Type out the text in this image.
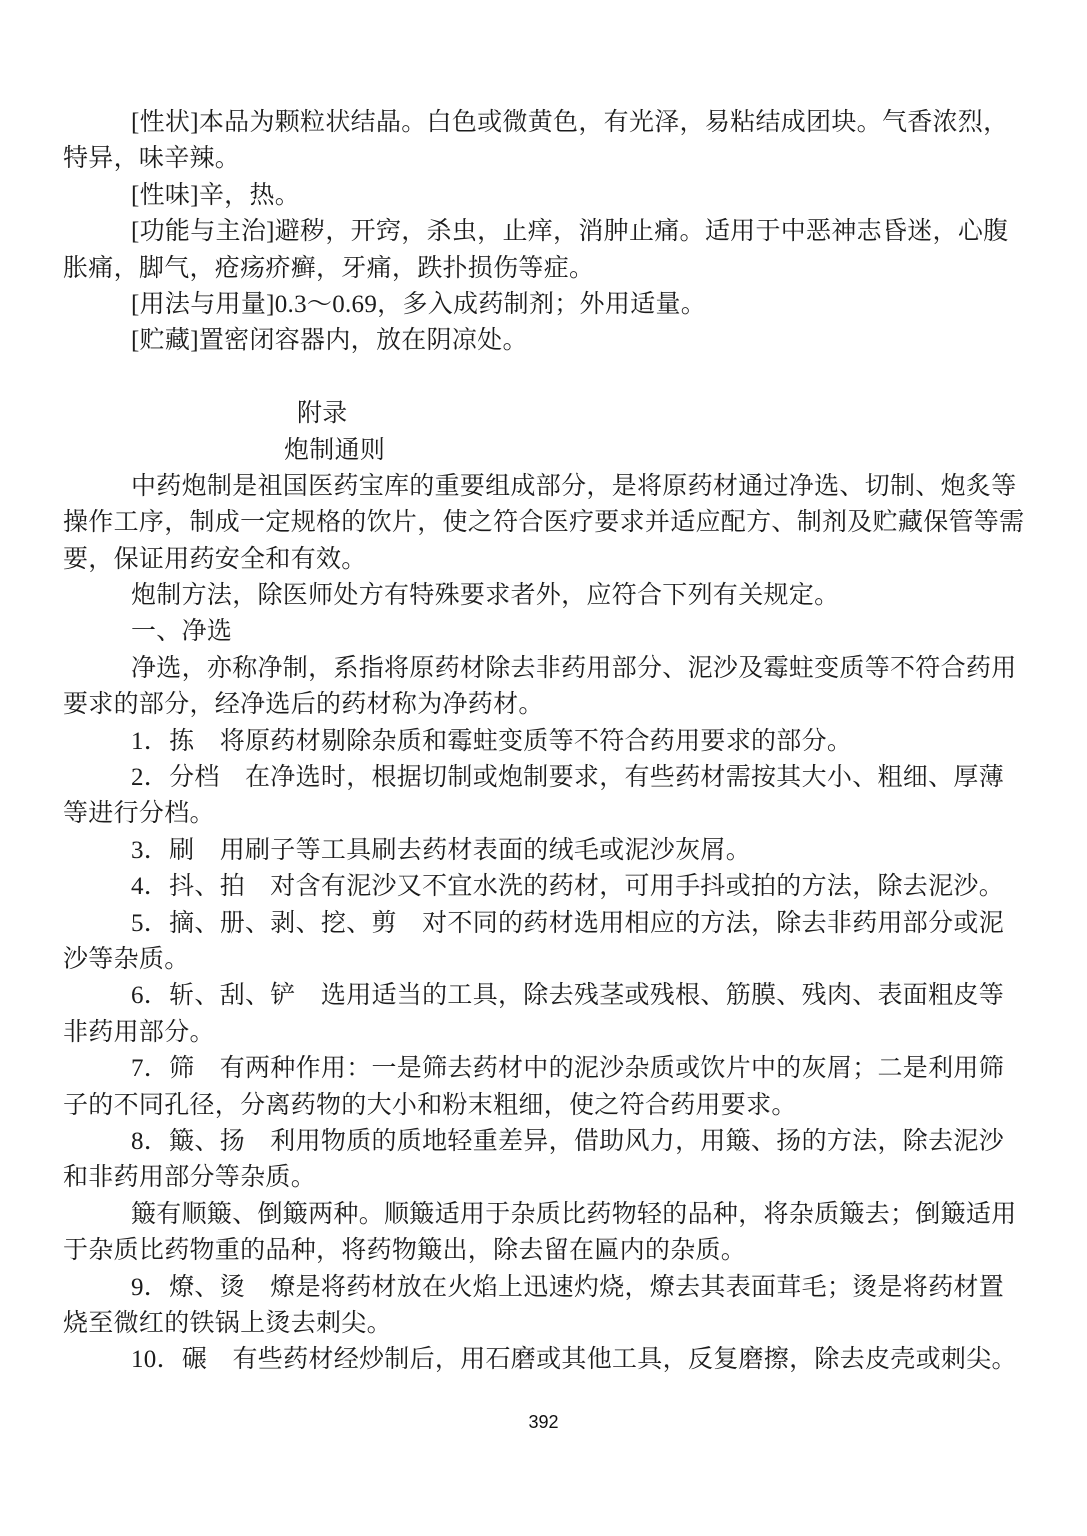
[性状]本品为颗粒状结晶。白色或微黄色，有光泽，易粘结成团块。气香浓烈，
特异，味辛辣。
[性味]辛，热。
[功能与主治]避秽，开窍，杀虫，止痒，消肿止痛。适用于中恶神志昏迷，心腹
胀痛，脚气，疮疡疥癣，牙痛，跌扑损伤等症。
[用法与用量]0.3～0.69，多入成药制剂；外用适量。
[贮藏]置密闭容器内，放在阴凉处。
附录
炮制通则
中药炮制是祖国医药宝库的重要组成部分，是将原药材通过净选、切制、炮炙等
操作工序，制成一定规格的饮片，使之符合医疗要求并适应配方、制剂及贮藏保管等需
要，保证用药安全和有效。
炮制方法，除医师处方有特殊要求者外，应符合下列有关规定。
一、净选
净选，亦称净制，系指将原药材除去非药用部分、泥沙及霉蛀变质等不符合药用
要求的部分，经净选后的药材称为净药材。
1．拣　将原药材剔除杂质和霉蛀变质等不符合药用要求的部分。
2．分档　在净选时，根据切制或炮制要求，有些药材需按其大小、粗细、厚薄
等进行分档。
3．刷　用刷子等工具刷去药材表面的绒毛或泥沙灰屑。
4．抖、拍　对含有泥沙又不宜水洗的药材，可用手抖或拍的方法，除去泥沙。
5．摘、册、剥、挖、剪　对不同的药材选用相应的方法，除去非药用部分或泥
沙等杂质。
6．斩、刮、铲　选用适当的工具，除去残茎或残根、筋膜、残肉、表面粗皮等
非药用部分。
7．筛　有两种作用：一是筛去药材中的泥沙杂质或饮片中的灰屑；二是利用筛
子的不同孔径，分离药物的大小和粉末粗细，使之符合药用要求。
8．簸、扬　利用物质的质地轻重差异，借助风力，用簸、扬的方法，除去泥沙
和非药用部分等杂质。
簸有顺簸、倒簸两种。顺簸适用于杂质比药物轻的品种，将杂质簸去；倒簸适用
于杂质比药物重的品种，将药物簸出，除去留在匾内的杂质。
9．燎、烫　燎是将药材放在火焰上迅速灼烧，燎去其表面茸毛；烫是将药材置
烧至微红的铁锅上烫去刺尖。
10．碾　有些药材经炒制后，用石磨或其他工具，反复磨擦，除去皮壳或刺尖。
392
